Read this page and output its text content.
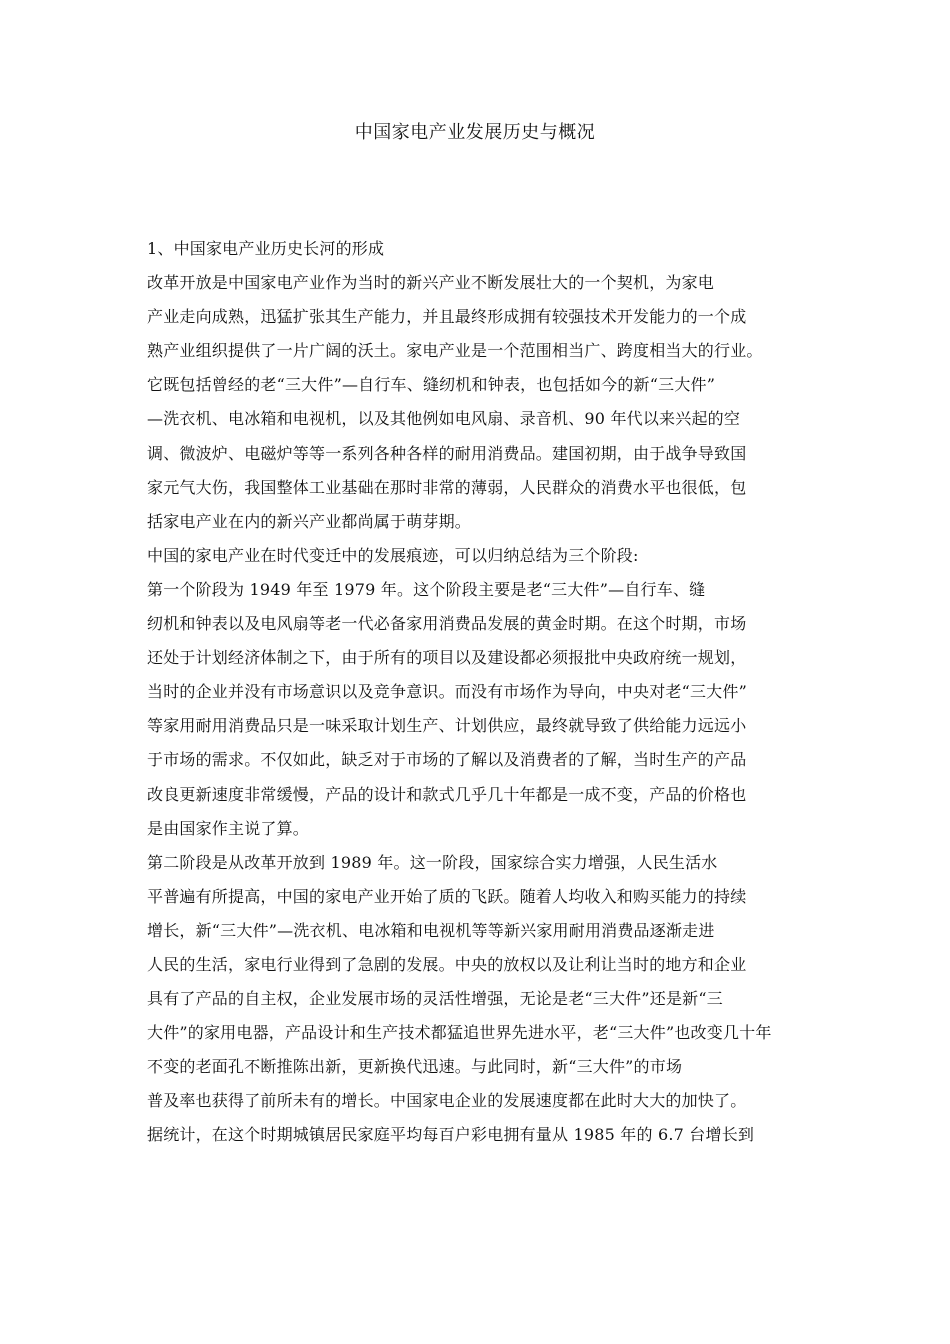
中国家电产业发展历史与概况
1、中国家电产业历史长河的形成
改革开放是中国家电产业作为当时的新兴产业不断发展壮大的一个契机，为家电
产业走向成熟，迅猛扩张其生产能力，并且最终形成拥有较强技术开发能力的一个成
熟产业组织提供了一片广阔的沃土。家电产业是一个范围相当广、跨度相当大的行业。
它既包括曾经的老“三大件”—自行车、缝纫机和钟表，也包括如今的新“三大件”
—洗衣机、电冰箱和电视机，以及其他例如电风扇、录音机、90 年代以来兴起的空
调、微波炉、电磁炉等等一系列各种各样的耐用消费品。建国初期，由于战争导致国
家元气大伤，我国整体工业基础在那时非常的薄弱，人民群众的消费水平也很低，包
括家电产业在内的新兴产业都尚属于萌芽期。
中国的家电产业在时代变迁中的发展痕迹，可以归纳总结为三个阶段:
第一个阶段为 1949 年至 1979 年。这个阶段主要是老“三大件”—自行车、缝
纫机和钟表以及电风扇等老一代必备家用消费品发展的黄金时期。在这个时期，市场
还处于计划经济体制之下，由于所有的项目以及建设都必须报批中央政府统一规划，
当时的企业并没有市场意识以及竞争意识。而没有市场作为导向，中央对老“三大件”
等家用耐用消费品只是一味采取计划生产、计划供应，最终就导致了供给能力远远小
于市场的需求。不仅如此，缺乏对于市场的了解以及消费者的了解，当时生产的产品
改良更新速度非常缓慢，产品的设计和款式几乎几十年都是一成不变，产品的价格也
是由国家作主说了算。
第二阶段是从改革开放到 1989 年。这一阶段，国家综合实力增强，人民生活水
平普遍有所提高，中国的家电产业开始了质的飞跃。随着人均收入和购买能力的持续
增长，新“三大件”—洗衣机、电冰箱和电视机等等新兴家用耐用消费品逐渐走进
人民的生活，家电行业得到了急剧的发展。中央的放权以及让利让当时的地方和企业
具有了产品的自主权，企业发展市场的灵活性增强，无论是老“三大件”还是新“三
大件”的家用电器，产品设计和生产技术都猛追世界先进水平，老“三大件”也改变几十年
不变的老面孔不断推陈出新，更新换代迅速。与此同时，新“三大件”的市场
普及率也获得了前所未有的增长。中国家电企业的发展速度都在此时大大的加快了。
据统计，在这个时期城镇居民家庭平均每百户彩电拥有量从 1985 年的 6.7 台增长到
